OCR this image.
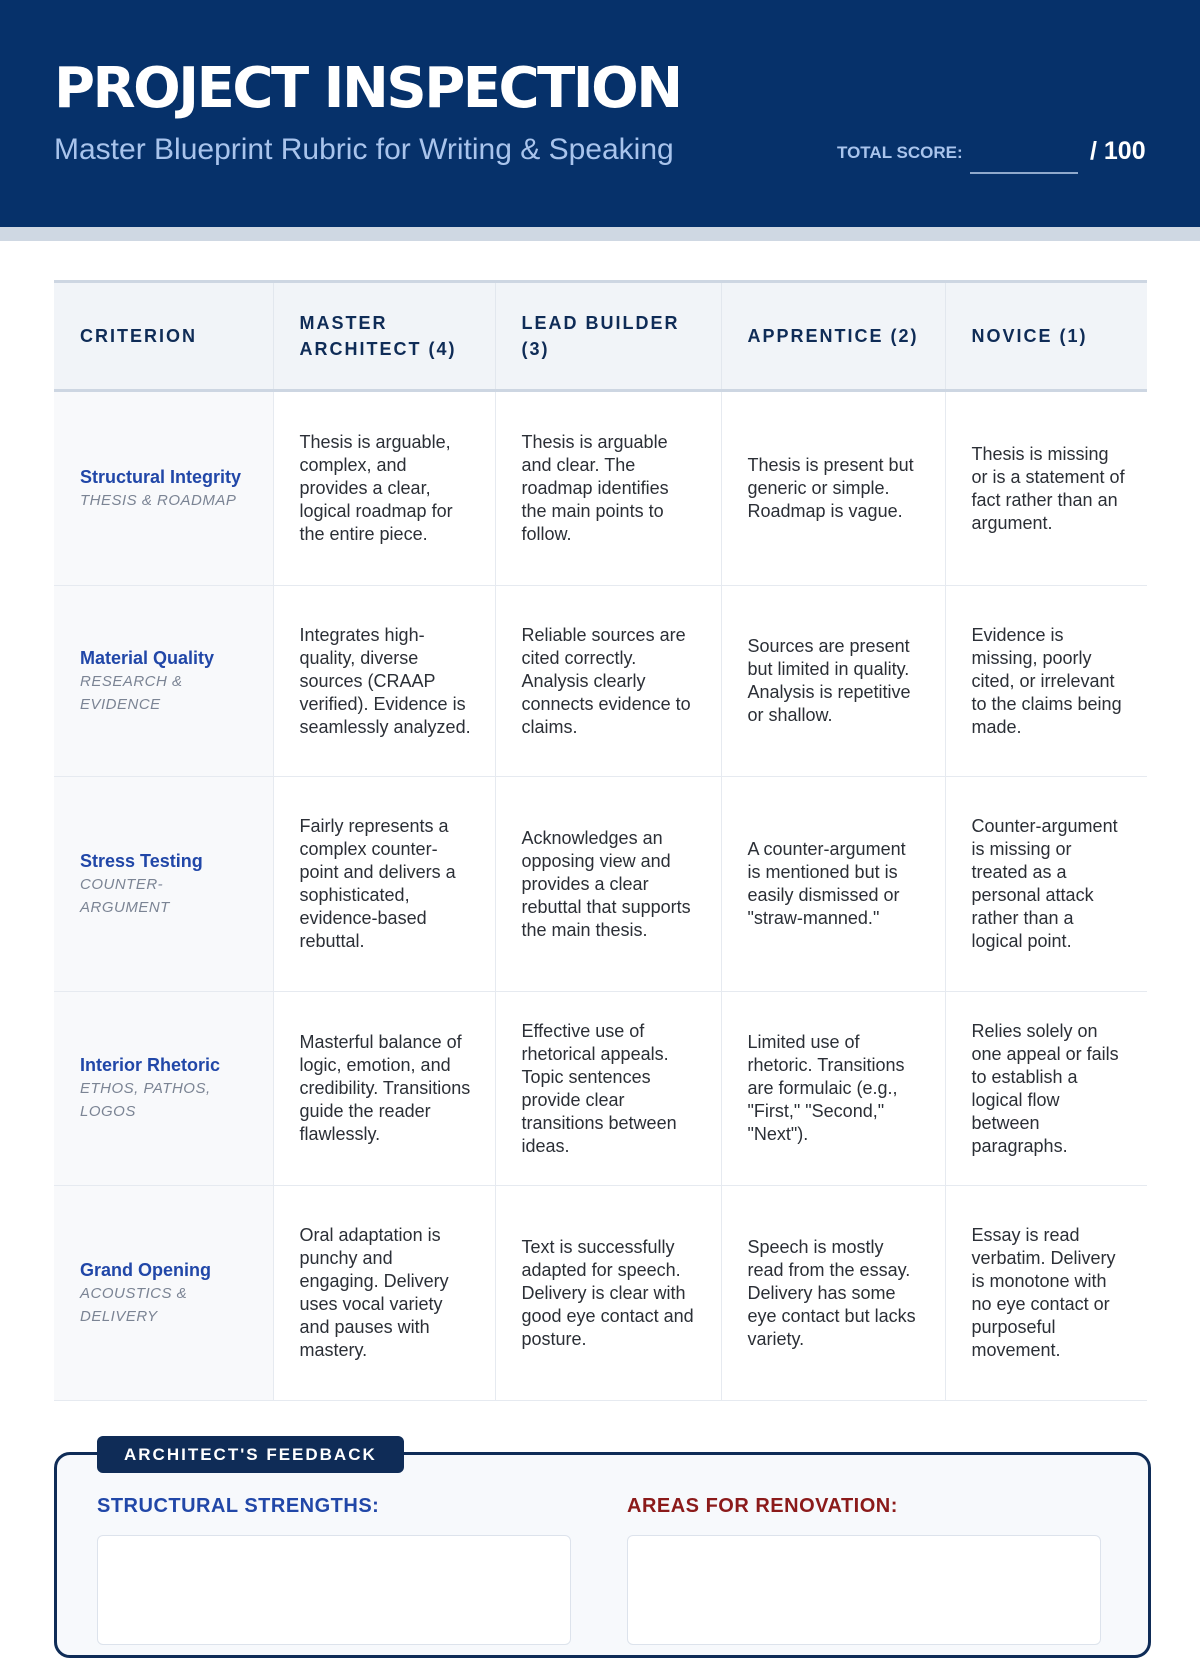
PROJECT INSPECTION
Master Blueprint Rubric for Writing & Speaking	TOTAL SCORE:	/ 100
CRITERION	MASTER ARCHITECT (4)	LEAD BUILDER (3)	APPRENTICE (2)	NOVICE (1)

Structural Integrity
THESIS & ROADMAP	Thesis is arguable, complex, and provides a clear, logical roadmap for the entire piece.	Thesis is arguable and clear. The roadmap identifies the main points to follow.	Thesis is present but generic or simple. Roadmap is vague.	Thesis is missing or is a statement of fact rather than an argument.

Material Quality
RESEARCH & EVIDENCE	Integrates high-quality, diverse sources (CRAAP verified). Evidence is seamlessly analyzed.	Reliable sources are cited correctly. Analysis clearly connects evidence to claims.	Sources are present but limited in quality. Analysis is repetitive or shallow.	Evidence is missing, poorly cited, or irrelevant to the claims being made.

Stress Testing
COUNTER-ARGUMENT	Fairly represents a complex counter-point and delivers a sophisticated, evidence-based rebuttal.	Acknowledges an opposing view and provides a clear rebuttal that supports the main thesis.	A counter-argument is mentioned but is easily dismissed or "straw-manned."	Counter-argument is missing or treated as a personal attack rather than a logical point.

Interior Rhetoric
ETHOS, PATHOS, LOGOS	Masterful balance of logic, emotion, and credibility. Transitions guide the reader flawlessly.	Effective use of rhetorical appeals. Topic sentences provide clear transitions between ideas.	Limited use of rhetoric. Transitions are formulaic (e.g., "First," "Second," "Next").	Relies solely on one appeal or fails to establish a logical flow between paragraphs.

Grand Opening
ACOUSTICS & DELIVERY	Oral adaptation is punchy and engaging. Delivery uses vocal variety and pauses with mastery.	Text is successfully adapted for speech. Delivery is clear with good eye contact and posture.	Speech is mostly read from the essay. Delivery has some eye contact but lacks variety.	Essay is read verbatim. Delivery is monotone with no eye contact or purposeful movement.
ARCHITECT'S FEEDBACK
STRUCTURAL STRENGTHS:	AREAS FOR RENOVATION:
